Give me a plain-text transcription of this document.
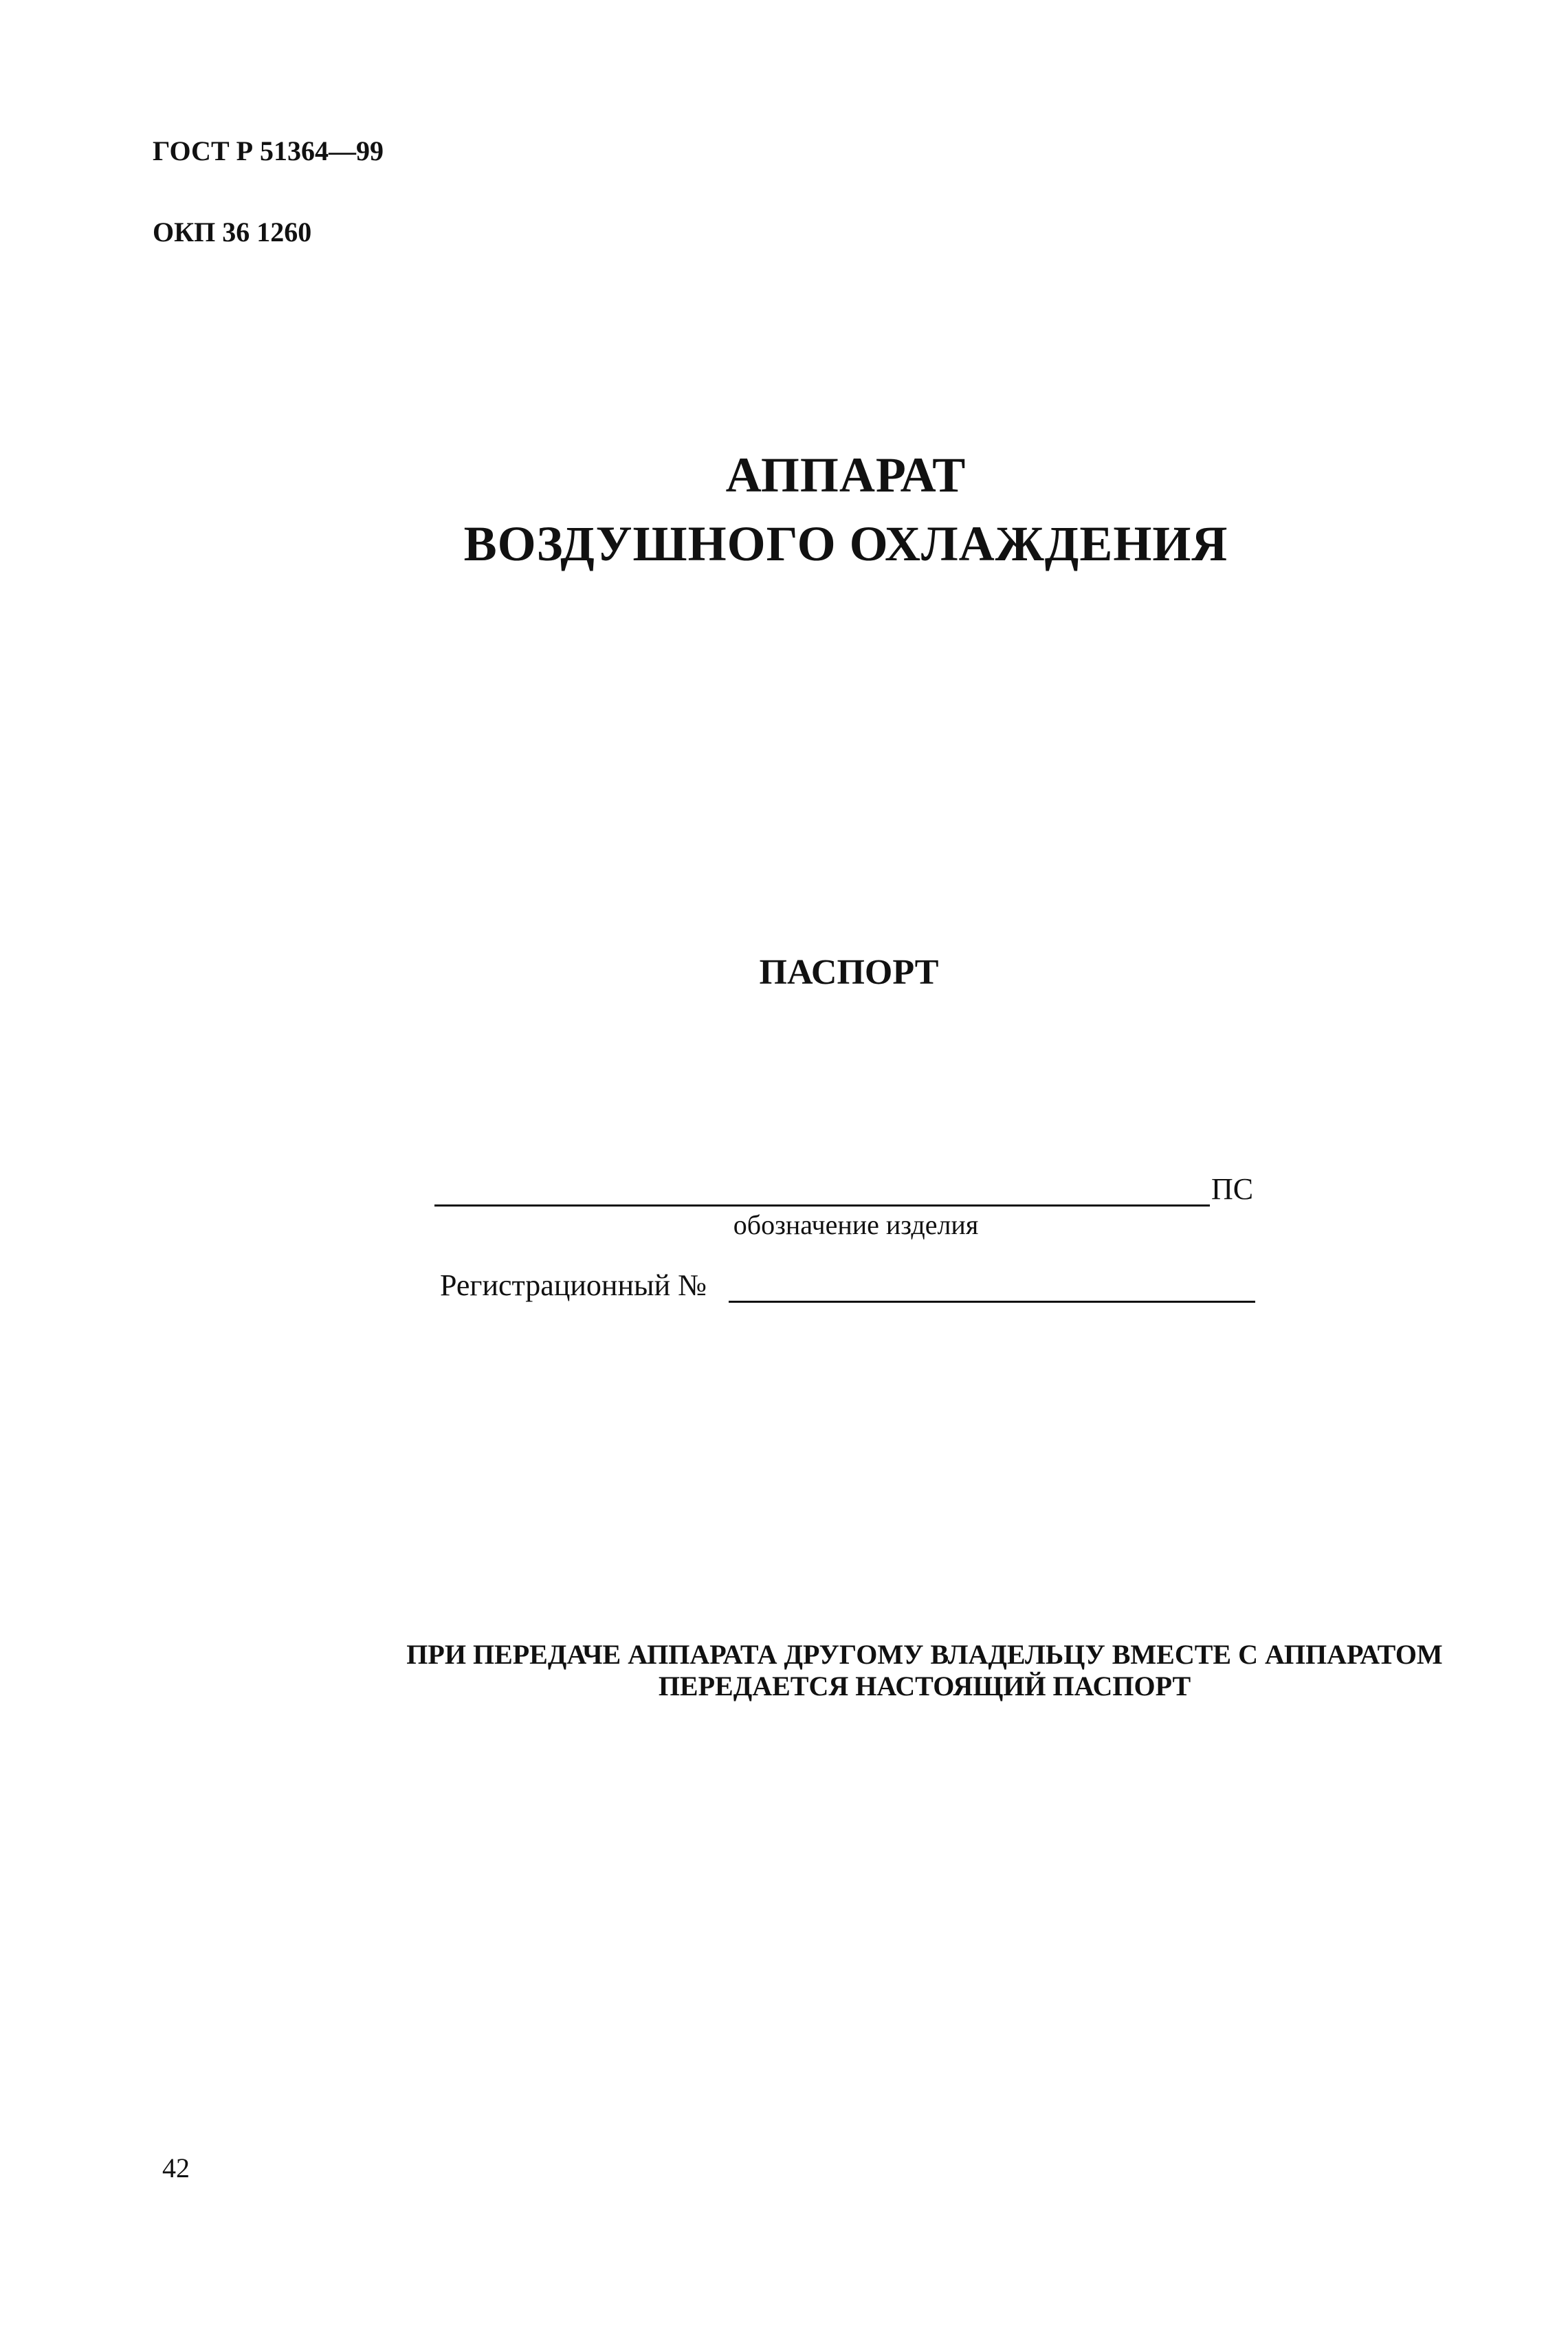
ГОСТ Р 51364—99

ОКП 36 1260

АППАРАТ

ВОЗДУШНОГО ОХЛАЖДЕНИЯ

ПАСПОРТ

ПС

обозначение изделия

Регистрационный №

ПРИ ПЕРЕДАЧЕ АППАРАТА ДРУГОМУ ВЛАДЕЛЬЦУ ВМЕСТЕ С АППАРАТОМ

ПЕРЕДАЕТСЯ НАСТОЯЩИЙ ПАСПОРТ

42
